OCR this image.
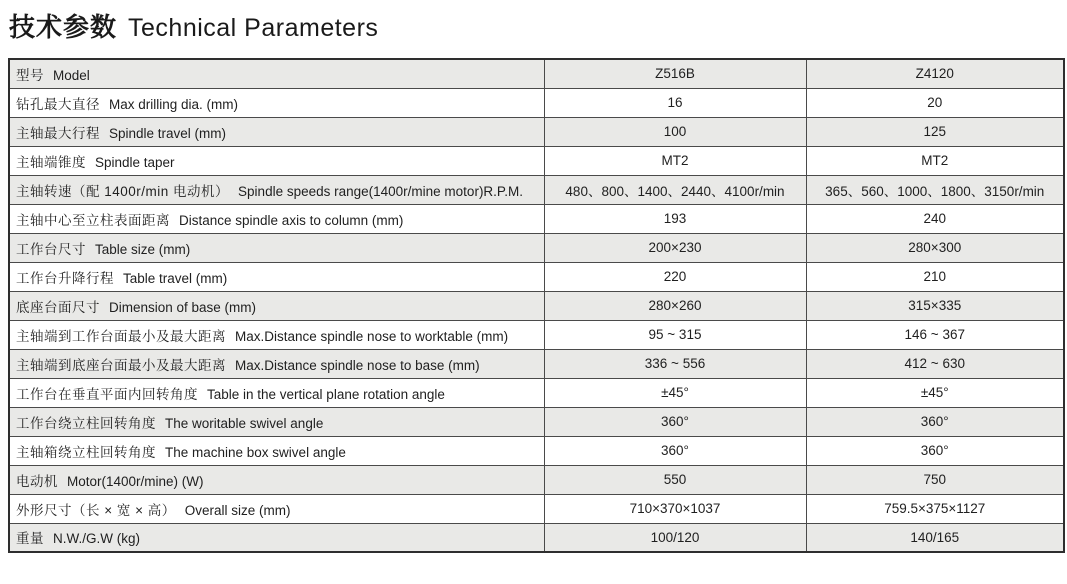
技术参数 Technical Parameters
型号 Model	Z516B	Z4120
钻孔最大直径 Max drilling dia. (mm)	16	20
主轴最大行程 Spindle travel (mm)	100	125
主轴端锥度 Spindle taper	MT2	MT2
主轴转速（配 1400r/min 电动机） Spindle speeds range(1400r/mine motor)R.P.M.	480、800、1400、2440、4100r/min	365、560、1000、1800、3150r/min
主轴中心至立柱表面距离 Distance spindle axis to column (mm)	193	240
工作台尺寸 Table size (mm)	200×230	280×300
工作台升降行程 Table travel (mm)	220	210
底座台面尺寸 Dimension of base (mm)	280×260	315×335
主轴端到工作台面最小及最大距离 Max.Distance spindle nose to worktable (mm)	95 ~ 315	146 ~ 367
主轴端到底座台面最小及最大距离 Max.Distance spindle nose to base (mm)	336 ~ 556	412 ~ 630
工作台在垂直平面内回转角度 Table in the vertical plane rotation angle	±45°	±45°
工作台绕立柱回转角度 The woritable swivel angle	360°	360°
主轴箱绕立柱回转角度 The machine box swivel angle	360°	360°
电动机 Motor(1400r/mine) (W)	550	750
外形尺寸（长 × 宽 × 高） Overall size (mm)	710×370×1037	759.5×375×1127
重量 N.W./G.W (kg)	100/120	140/165
